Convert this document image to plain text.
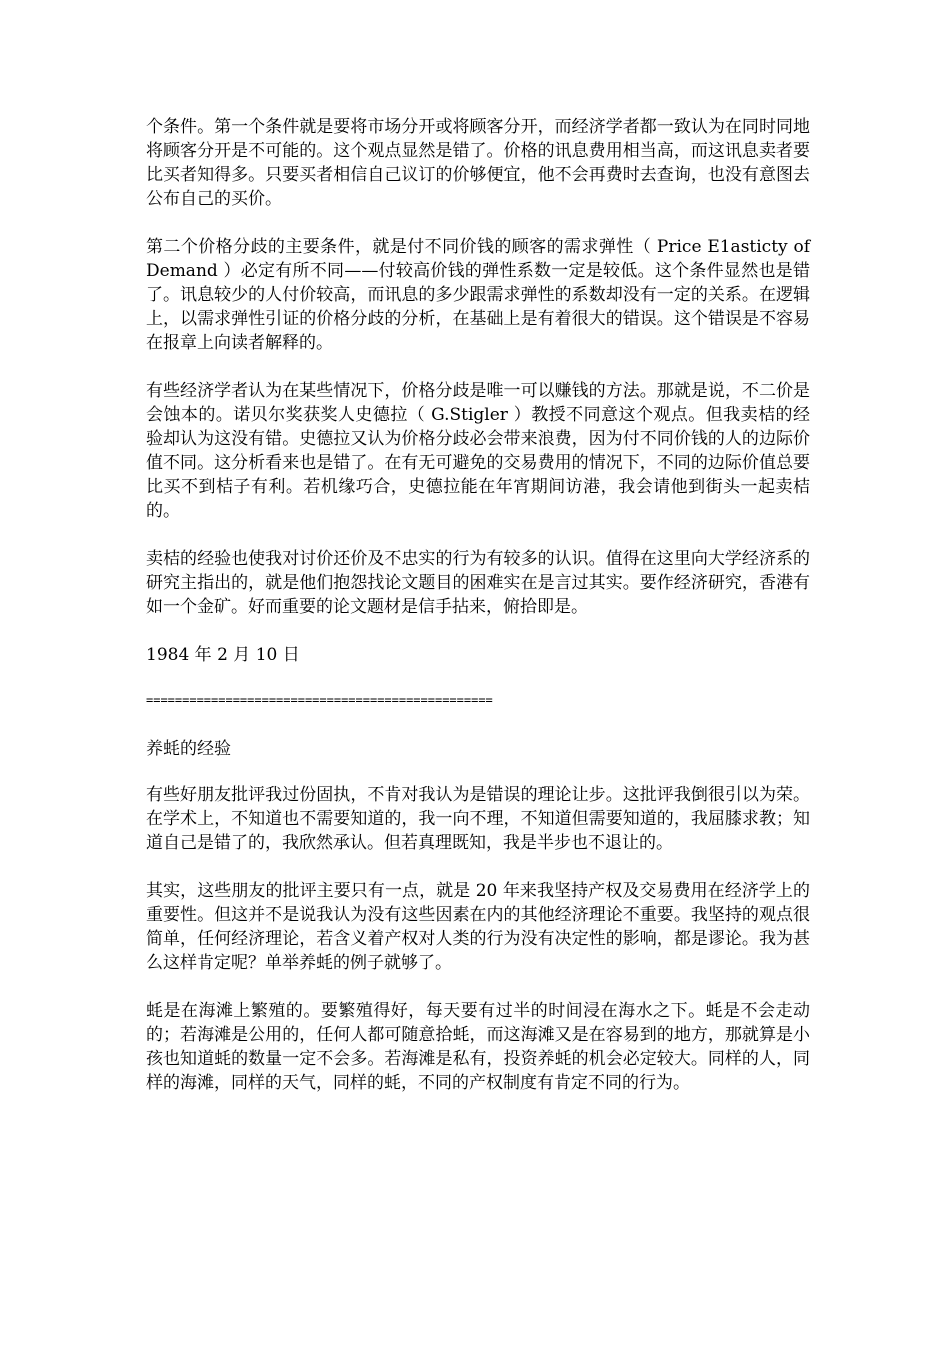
个条件。第一个条件就是要将市场分开或将顾客分开，而经济学者都一致认为在同时同地将顾客分开是不可能的。这个观点显然是错了。价格的讯息费用相当高，而这讯息卖者要比买者知得多。只要买者相信自己议订的价够便宜，他不会再费时去查询，也没有意图去公布自己的买价。

第二个价格分歧的主要条件，就是付不同价钱的顾客的需求弹性（ Price E1asticty of Demand ）必定有所不同——付较高价钱的弹性系数一定是较低。这个条件显然也是错了。讯息较少的人付价较高，而讯息的多少跟需求弹性的系数却没有一定的关系。在逻辑上，以需求弹性引证的价格分歧的分析，在基础上是有着很大的错误。这个错误是不容易在报章上向读者解释的。

有些经济学者认为在某些情况下，价格分歧是唯一可以赚钱的方法。那就是说，不二价是会蚀本的。诺贝尔奖获奖人史德拉（ G.Stigler ）教授不同意这个观点。但我卖桔的经验却认为这没有错。史德拉又认为价格分歧必会带来浪费，因为付不同价钱的人的边际价值不同。这分析看来也是错了。在有无可避免的交易费用的情况下，不同的边际价值总要比买不到桔子有利。若机缘巧合，史德拉能在年宵期间访港，我会请他到街头一起卖桔的。

卖桔的经验也使我对讨价还价及不忠实的行为有较多的认识。值得在这里向大学经济系的研究主指出的，就是他们抱怨找论文题目的困难实在是言过其实。要作经济研究，香港有如一个金矿。好而重要的论文题材是信手拈来，俯拾即是。

1984 年 2 月 10 日

================================================

养蚝的经验

有些好朋友批评我过份固执，不肯对我认为是错误的理论让步。这批评我倒很引以为荣。在学术上，不知道也不需要知道的，我一向不理，不知道但需要知道的，我屈膝求教；知道自己是错了的，我欣然承认。但若真理既知，我是半步也不退让的。

其实，这些朋友的批评主要只有一点，就是 20 年来我坚持产权及交易费用在经济学上的重要性。但这并不是说我认为没有这些因素在内的其他经济理论不重要。我坚持的观点很简单，任何经济理论，若含义着产权对人类的行为没有决定性的影响，都是谬论。我为甚么这样肯定呢？单举养蚝的例子就够了。

蚝是在海滩上繁殖的。要繁殖得好，每天要有过半的时间浸在海水之下。蚝是不会走动的；若海滩是公用的，任何人都可随意拾蚝，而这海滩又是在容易到的地方，那就算是小孩也知道蚝的数量一定不会多。若海滩是私有，投资养蚝的机会必定较大。同样的人，同样的海滩，同样的天气，同样的蚝，不同的产权制度有肯定不同的行为。
